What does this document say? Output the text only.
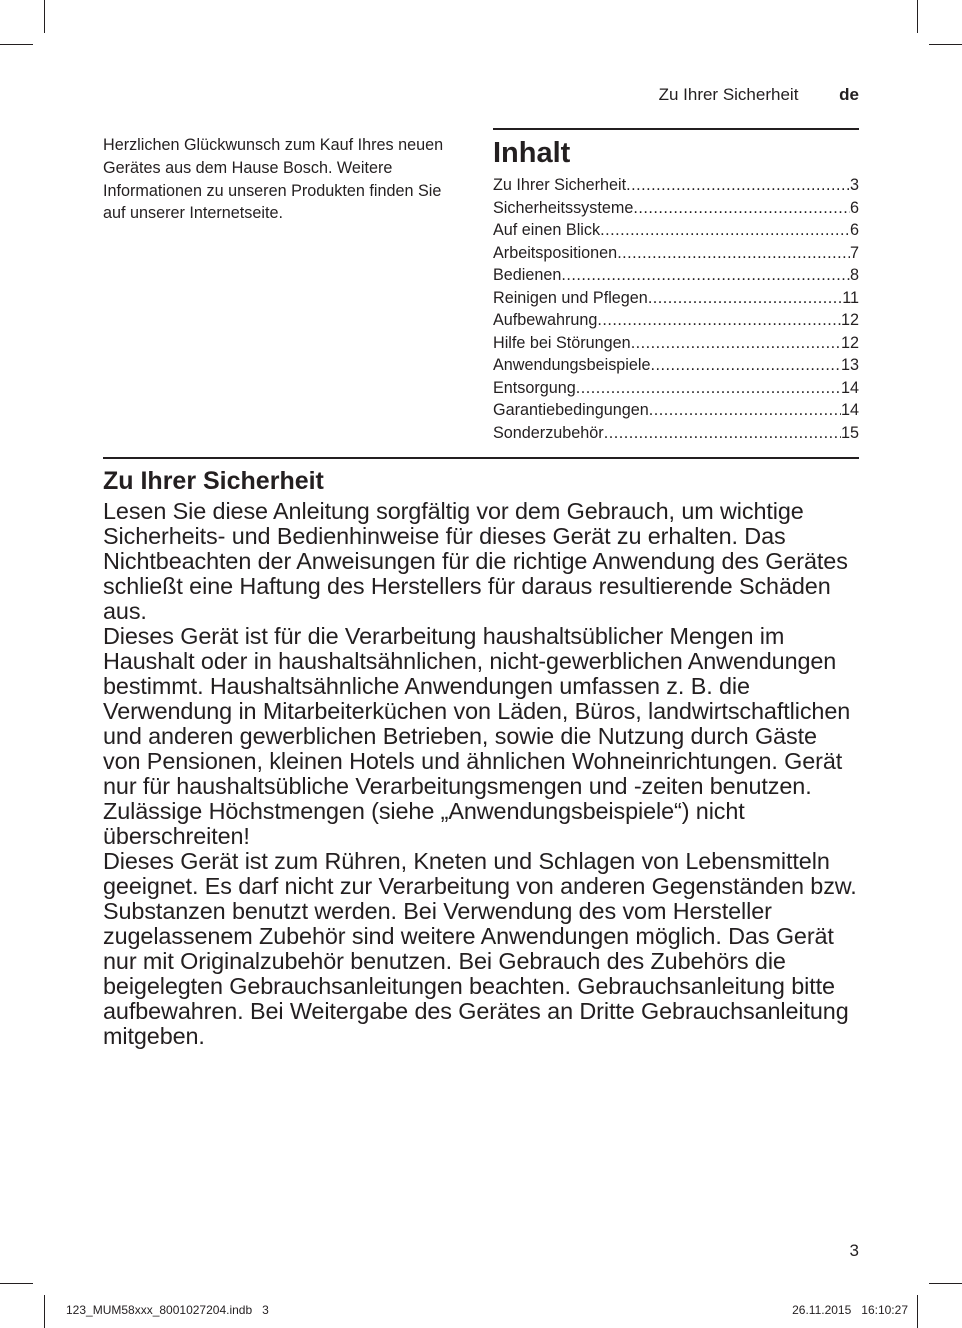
Zu Ihrer Sicherheit de

Herzlichen Glückwunsch zum Kauf Ihres neuen Gerätes aus dem Hause Bosch. Weitere Informationen zu unseren Produkten finden Sie auf unserer Internetseite.

Inhalt
Zu Ihrer Sicherheit .....	3
Sicherheitssysteme .....	6
Auf einen Blick .....	6
Arbeitspositionen .....	7
Bedienen .....	8
Reinigen und Pflegen .....	11
Aufbewahrung .....	12
Hilfe bei Störungen .....	12
Anwendungsbeispiele .....	13
Entsorgung .....	14
Garantiebedingungen .....	14
Sonderzubehör .....	15
Zu Ihrer Sicherheit

Lesen Sie diese Anleitung sorgfältig vor dem Gebrauch, um wichtige Sicherheits- und Bedienhinweise für dieses Gerät zu erhalten. Das Nichtbeachten der Anweisungen für die richtige Anwendung des Gerätes schließt eine Haftung des Herstellers für daraus resultierende Schäden aus.

Dieses Gerät ist für die Verarbeitung haushaltsüblicher Mengen im Haushalt oder in haushaltsähnlichen, nicht-gewerblichen Anwendungen bestimmt. Haushaltsähnliche Anwendungen umfassen z. B. die Verwendung in Mitarbeiterküchen von Läden, Büros, landwirtschaftlichen und anderen gewerblichen Betrieben, sowie die Nutzung durch Gäste von Pensionen, kleinen Hotels und ähnlichen Wohneinrichtungen. Gerät nur für haushaltsübliche Verarbeitungsmengen und -zeiten benutzen. Zulässige Höchstmengen (siehe „Anwendungsbeispiele“) nicht überschreiten!

Dieses Gerät ist zum Rühren, Kneten und Schlagen von Lebensmitteln geeignet. Es darf nicht zur Verarbeitung von anderen Gegenständen bzw. Substanzen benutzt werden. Bei Verwendung des vom Hersteller zugelassenem Zubehör sind weitere Anwendungen möglich. Das Gerät nur mit Originalzubehör benutzen. Bei Gebrauch des Zubehörs die beigelegten Gebrauchsanleitungen beachten. Gebrauchsanleitung bitte aufbewahren. Bei Weitergabe des Gerätes an Dritte Gebrauchsanleitung mitgeben.

3
123_MUM58xxx_8001027204.indb   3	26.11.2015   16:10:27
